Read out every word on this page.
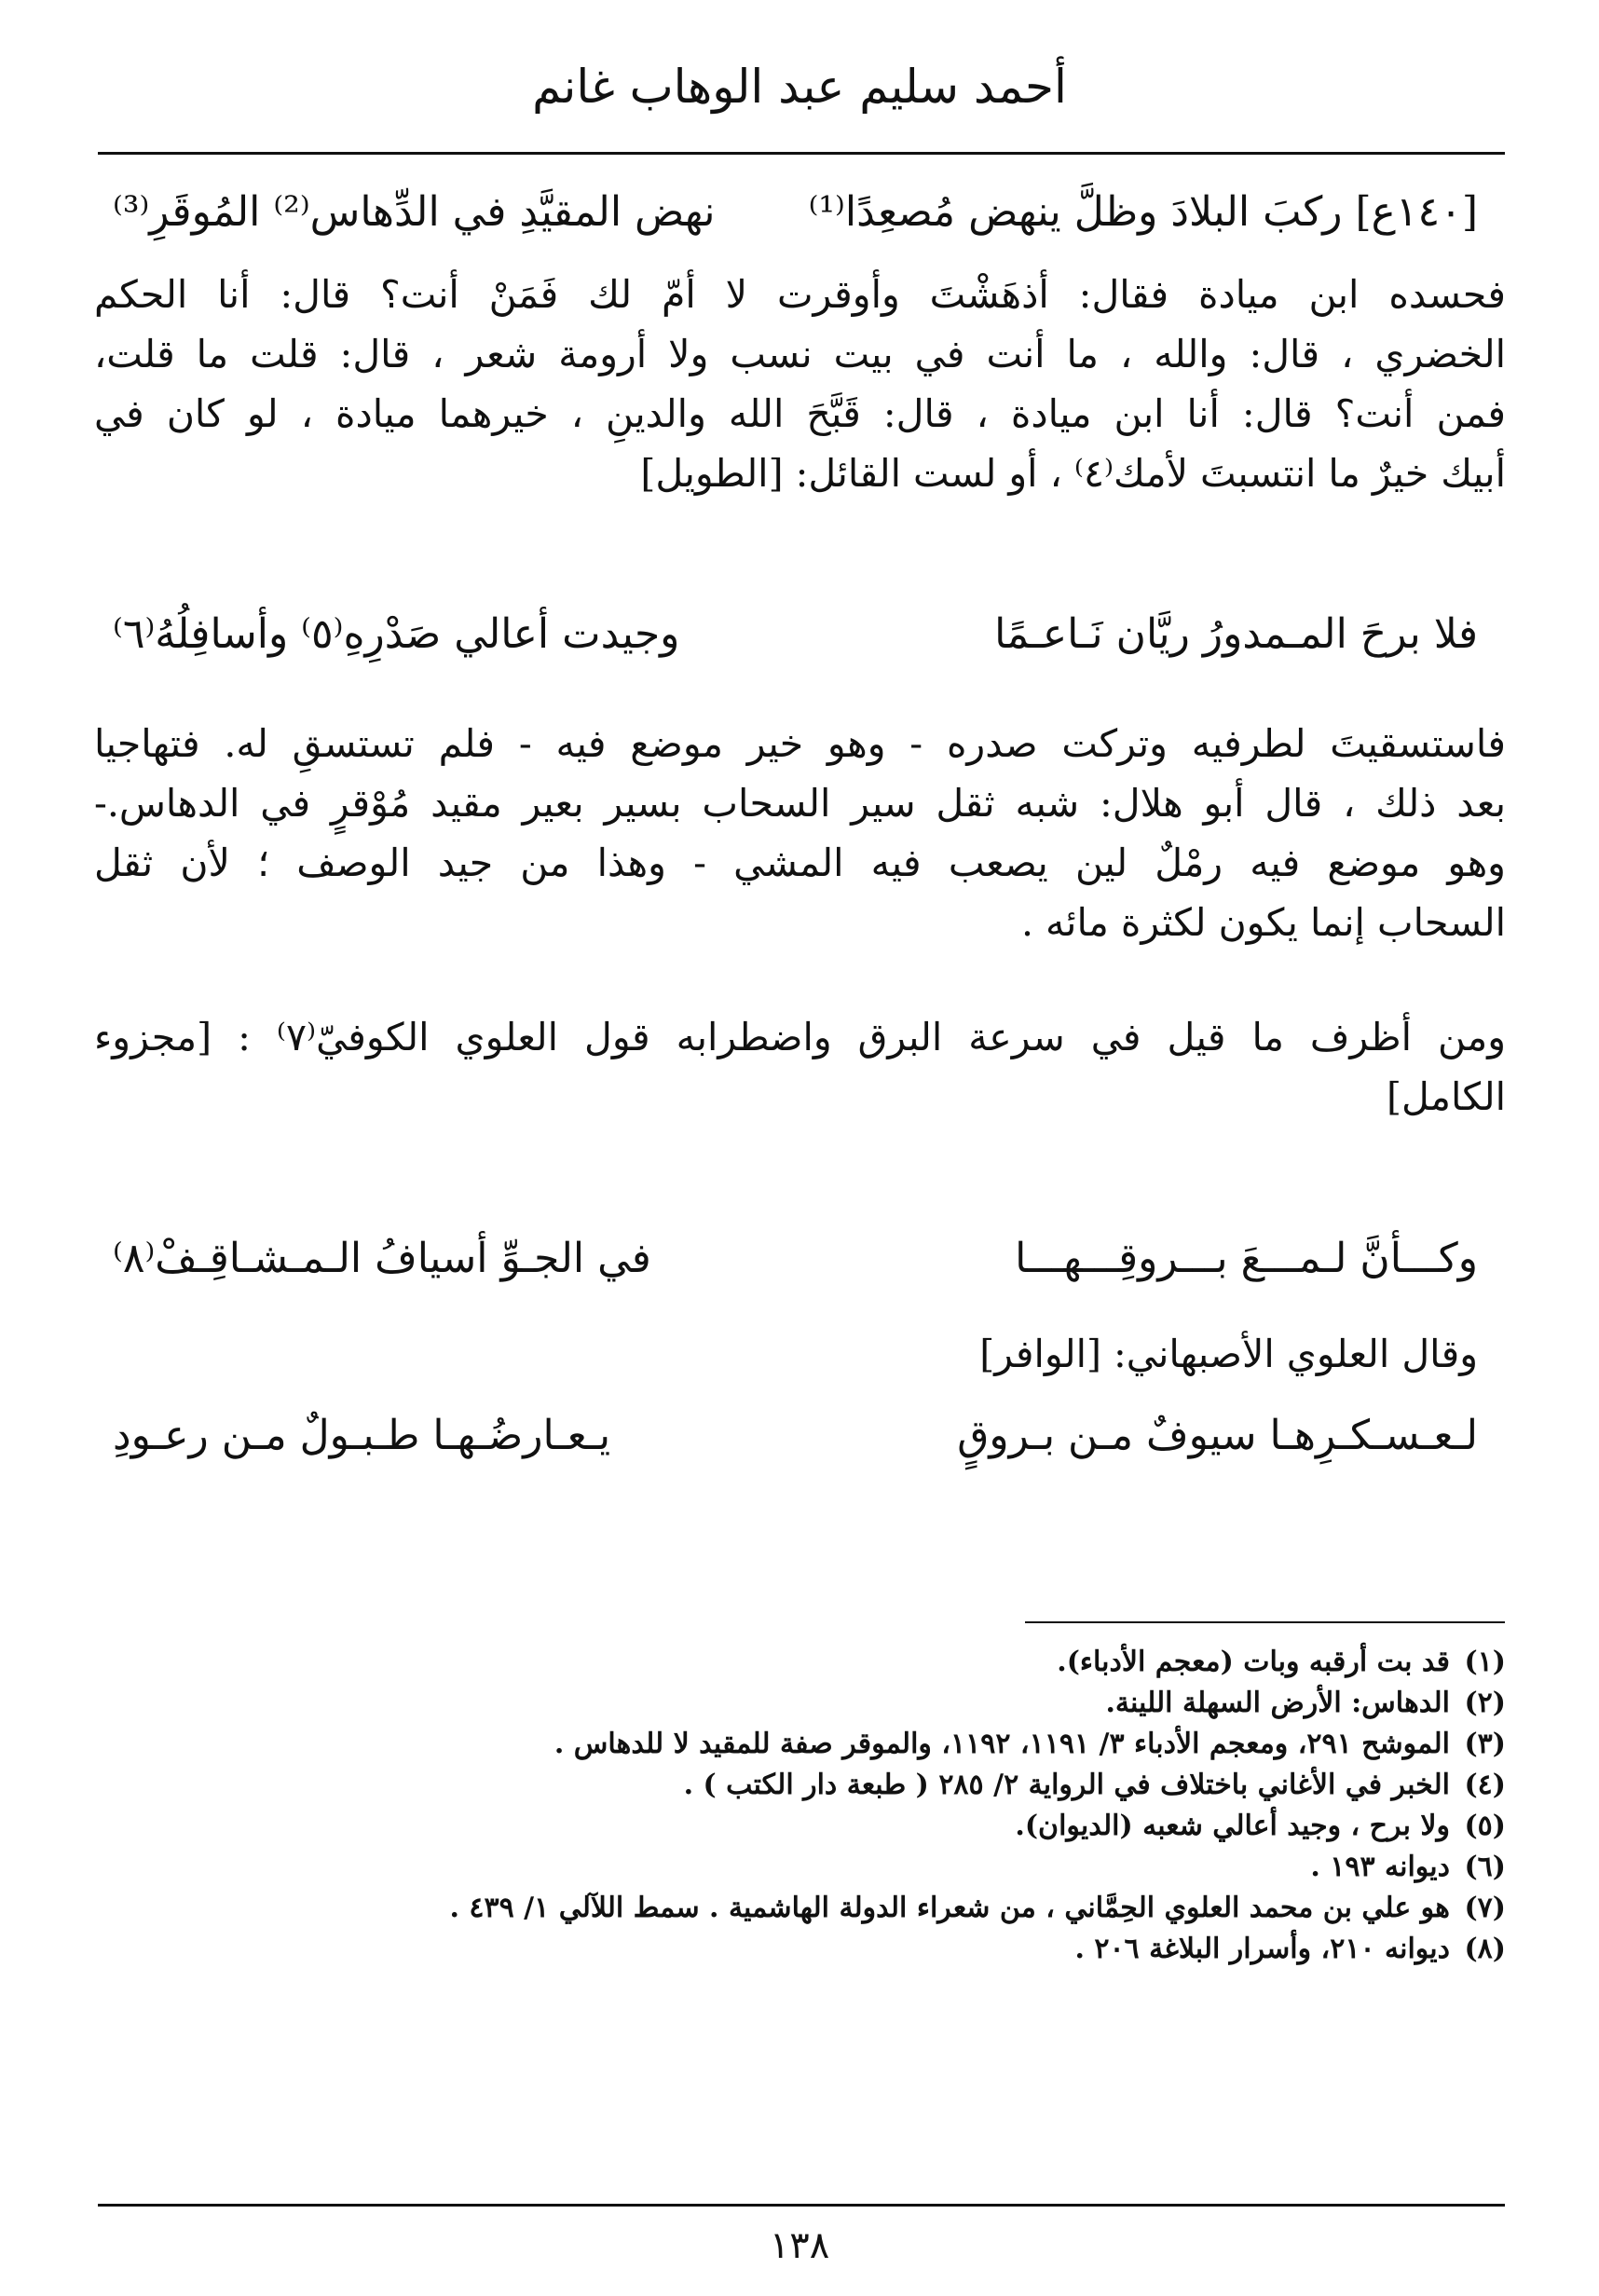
أحمد سليم عبد الوهاب غانم
[١٤٠ع] ركبَ البلادَ وظلَّ ينهض مُصعِدًا⁽¹⁾
نهض المقيَّدِ في الدِّهاس⁽²⁾ المُوقَرِ⁽³⁾
فحسده ابن ميادة فقال: أذهَشْتَ وأوقرت لا أمّ لك فَمَنْ أنت؟ قال: أنا الحكم
الخضري ، قال: والله ، ما أنت في بيت نسب ولا أرومة شعر ، قال: قلت ما قلت،
فمن أنت؟ قال: أنا ابن ميادة ، قال: قَبَّحَ الله والدينِ ، خيرهما ميادة ، لو كان في
أبيك خيرٌ ما انتسبتَ لأمك⁽٤⁾ ، أو لست القائل: [الطويل]
فلا برحَ المـمدورُ ريَّان نَـاعـمًا
وجيدت أعالي صَدْرِهِ⁽٥⁾ وأسافِلُهُ⁽٦⁾
فاستسقيتَ لطرفيه وتركت صدره - وهو خير موضع فيه - فلم تستسقِ له. فتهاجيا
بعد ذلك ، قال أبو هلال: شبه ثقل سير السحاب بسير بعير مقيد مُوْقرٍ في الدهاس.-
وهو موضع فيه رمْلٌ لين يصعب فيه المشي - وهذا من جيد الوصف ؛ لأن ثقل
السحاب إنما يكون لكثرة مائه .
ومن أظرف ما قيل في سرعة البرق واضطرابه قول العلوي الكوفيّ⁽٧⁾ : [مجزوء
الكامل]
وكـــأنَّ لـمـــعَ بـــروقِـــهـــا
في الجـوِّ أسيافُ الـمـشـاقِـفْ⁽٨⁾
وقال العلوي الأصبهاني: [الوافر]
لـعـسـكـرِهـا سيوفٌ مـن بـروقٍ
يـعـارضُـهـا طـبـولٌ مـن رعـودِ
(١)قد بت أرقبه وبات (معجم الأدباء).
(٢)الدهاس: الأرض السهلة اللينة.
(٣)الموشح ٢٩١، ومعجم الأدباء ٣/ ١١٩١، ١١٩٢، والموقر صفة للمقيد لا للدهاس .
(٤)الخبر في الأغاني باختلاف في الرواية ٢/ ٢٨٥ ( طبعة دار الكتب ) .
(٥)ولا برح ، وجيد أعالي شعبه (الديوان).
(٦)ديوانه ١٩٣ .
(٧)هو علي بن محمد العلوي الحِمَّاني ، من شعراء الدولة الهاشمية . سمط اللآلي ١/ ٤٣٩ .
(٨)ديوانه ٢١٠، وأسرار البلاغة ٢٠٦ .
١٣٨
